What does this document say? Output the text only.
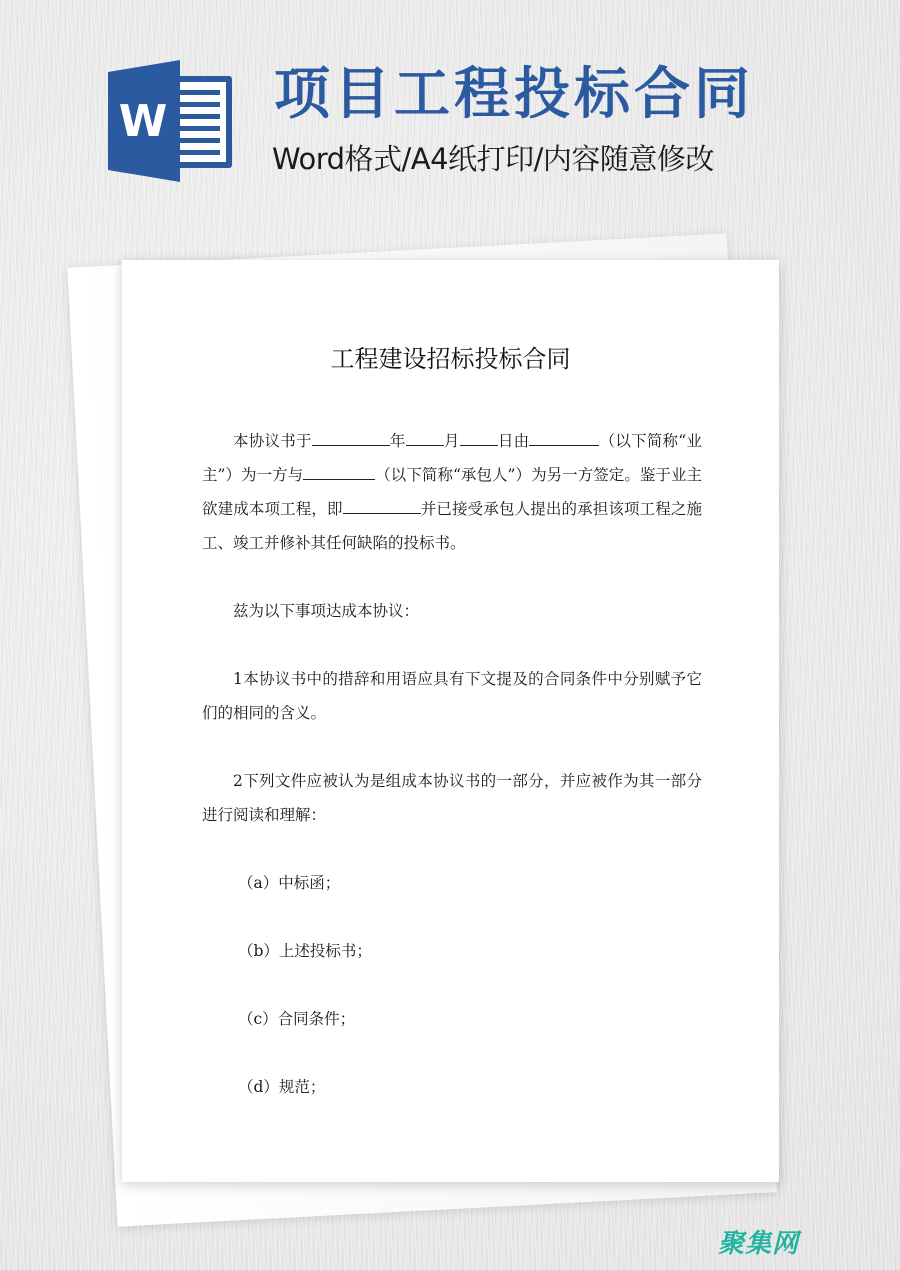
W 项目工程投标合同
Word格式/A4纸打印/内容随意修改
工程建设招标投标合同

本协议书于	年 月 日由	（以下简称“业主”）为一方与	（以下简称“承包人”）为另一方签定。鉴于业主欲建成本项工程，即	并已接受承包人提出的承担该项工程之施工、竣工并修补其任何缺陷的投标书。

兹为以下事项达成本协议：

1本协议书中的措辞和用语应具有下文提及的合同条件中分别赋予它们的相同的含义。

2下列文件应被认为是组成本协议书的一部分，并应被作为其一部分进行阅读和理解：

（a）中标函；

（b）上述投标书；

（c）合同条件；

（d）规范；

聚集网
